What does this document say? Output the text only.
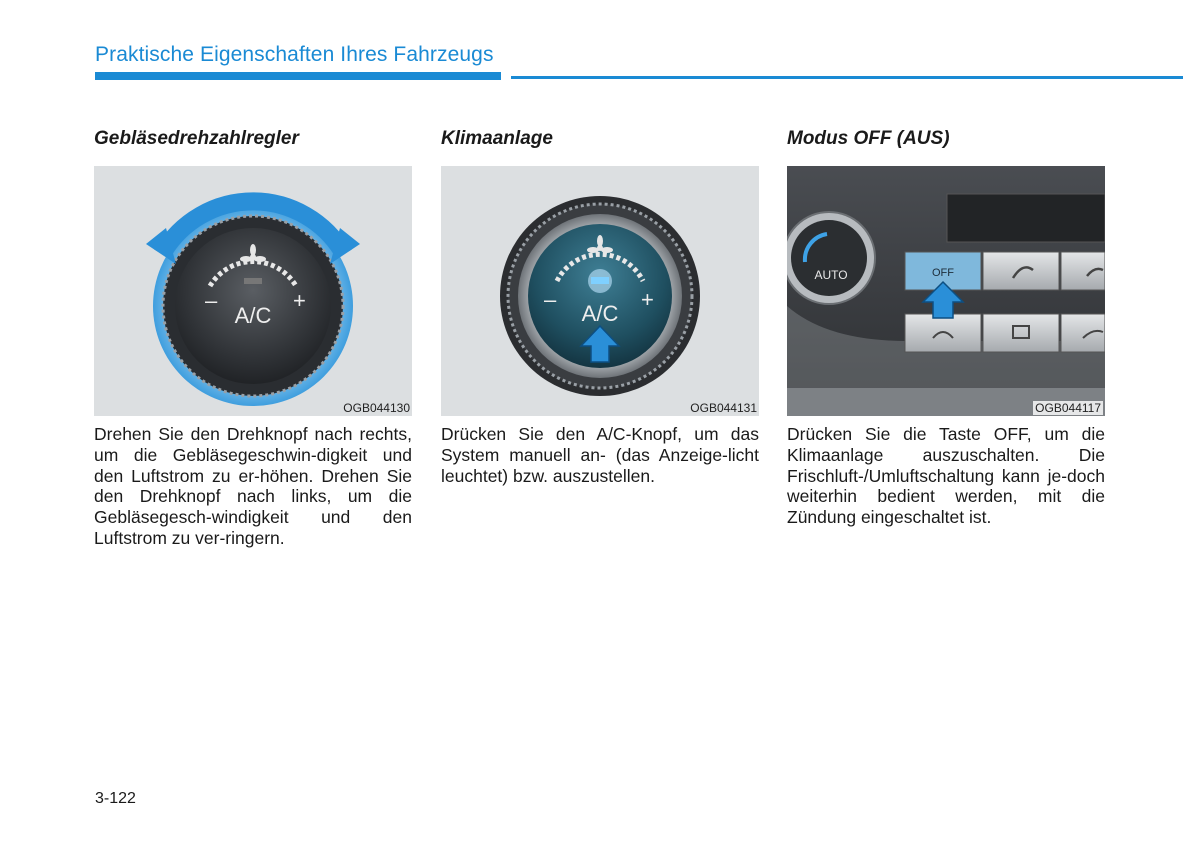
Praktische Eigenschaften Ihres Fahrzeugs
Gebläsedrehzahlregler
–	+
A/C
OGB044130

Drehen Sie den Drehknopf nach rechts, um die Gebläsegeschwin-digkeit und den Luftstrom zu er-höhen. Drehen Sie den Drehknopf nach links, um die Gebläsegesch-windigkeit und den Luftstrom zu ver-ringern.

Klimaanlage
–	+
A/C
OGB044131

Drücken Sie den A/C-Knopf, um das System manuell an- (das Anzeige-licht leuchtet) bzw. auszustellen.

Modus OFF (AUS)
AUTO	OFF
OGB044117

Drücken Sie die Taste OFF, um die Klimaanlage auszuschalten. Die Frischluft-/Umluftschaltung kann je-doch weiterhin bedient werden, mit die Zündung eingeschaltet ist.

3-122
